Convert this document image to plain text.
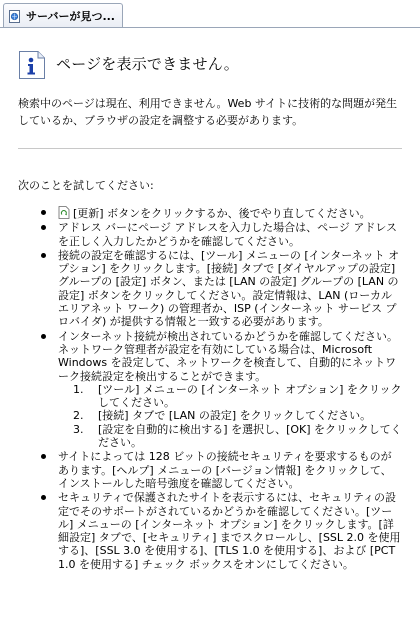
サーバーが見つ...
ページを表示できません。
検索中のページは現在、利用できません。Web サイトに技術的な問題が発生しているか、ブラウザの設定を調整する必要があります。
次のことを試してください:
[更新] ボタンをクリックするか、後でやり直してください。
アドレス バーにページ アドレスを入力した場合は、ページ アドレスを正しく入力したかどうかを確認してください。
接続の設定を確認するには、[ツール] メニューの [インターネット オプション] をクリックします。[接続] タブで [ダイヤルアップの設定] グループの [設定] ボタン、または [LAN の設定] グループの [LAN の設定] ボタンをクリックしてください。設定情報は、LAN (ローカル エリアネット ワーク) の管理者か、ISP (インターネット サービス プロバイダ) が提供する情報と一致する必要があります。
インターネット接続が検出されているかどうかを確認してください。ネットワーク管理者が設定を有効にしている場合は、Microsoft Windows を設定して、ネットワークを検査して、自動的にネットワーク接続設定を検出することができます。
1. [ツール] メニューの [インターネット オプション] をクリックしてください。
2. [接続] タブで [LAN の設定] をクリックしてください。
3. [設定を自動的に検出する] を選択し、[OK] をクリックしてください。
サイトによっては 128 ビットの接続セキュリティを要求するものがあります。[ヘルプ] メニューの [バージョン情報] をクリックして、インストールした暗号強度を確認してください。
セキュリティで保護されたサイトを表示するには、セキュリティの設定でそのサポートがされているかどうかを確認してください。[ツール] メニューの [インターネット オプション] をクリックします。[詳細設定] タブで、[セキュリティ] までスクロールし、[SSL 2.0 を使用する]、[SSL 3.0 を使用する]、[TLS 1.0 を使用する]、および [PCT 1.0 を使用する] チェック ボックスをオンにしてください。
